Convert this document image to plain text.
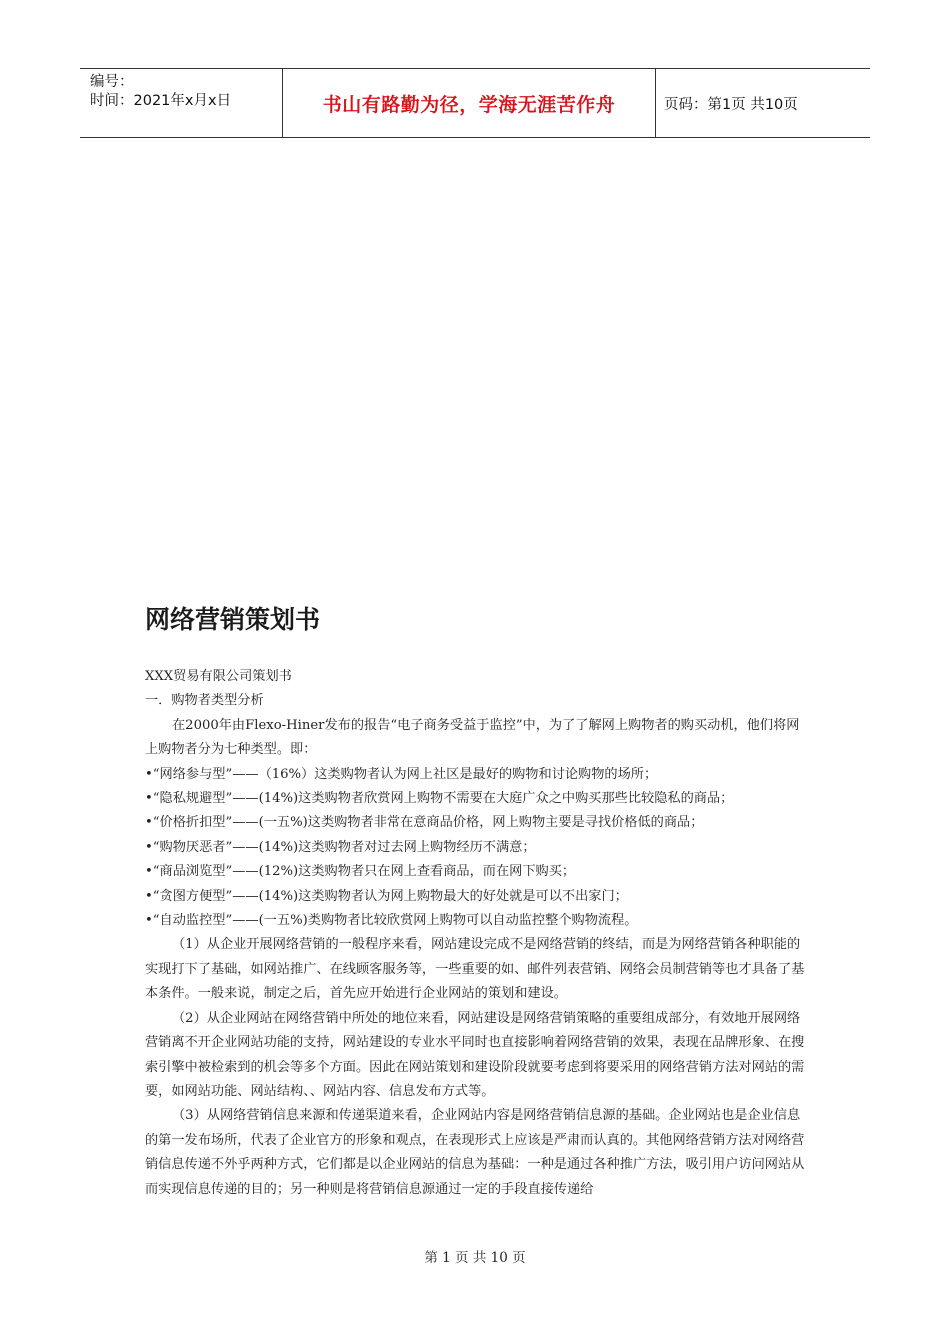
编号：
时间：2021年x月x日	书山有路勤为径，学海无涯苦作舟	页码：第1页 共10页
网络营销策划书

XXX贸易有限公司策划书

一．购物者类型分析

在2000年由Flexo-Hiner发布的报告“电子商务受益于监控”中，为了了解网上购物者的购买动机，他们将网上购物者分为七种类型。即：

•“网络参与型”——（16%）这类购物者认为网上社区是最好的购物和讨论购物的场所；

•“隐私规避型”——(14%)这类购物者欣赏网上购物不需要在大庭广众之中购买那些比较隐私的商品；

•“价格折扣型”——(一五%)这类购物者非常在意商品价格，网上购物主要是寻找价格低的商品；

•“购物厌恶者”——(14%)这类购物者对过去网上购物经历不满意；

•“商品浏览型”——(12%)这类购物者只在网上查看商品，而在网下购买；

•“贪图方便型”——(14%)这类购物者认为网上购物最大的好处就是可以不出家门；

•“自动监控型”——(一五%)类购物者比较欣赏网上购物可以自动监控整个购物流程。

（1）从企业开展网络营销的一般程序来看，网站建设完成不是网络营销的终结，而是为网络营销各种职能的实现打下了基础，如网站推广、在线顾客服务等，一些重要的如、邮件列表营销、网络会员制营销等也才具备了基本条件。一般来说，制定之后，首先应开始进行企业网站的策划和建设。

（2）从企业网站在网络营销中所处的地位来看，网站建设是网络营销策略的重要组成部分，有效地开展网络营销离不开企业网站功能的支持，网站建设的专业水平同时也直接影响着网络营销的效果，表现在品牌形象、在搜索引擎中被检索到的机会等多个方面。因此在网站策划和建设阶段就要考虑到将要采用的网络营销方法对网站的需要，如网站功能、网站结构、、网站内容、信息发布方式等。

（3）从网络营销信息来源和传递渠道来看，企业网站内容是网络营销信息源的基础。企业网站也是企业信息的第一发布场所，代表了企业官方的形象和观点，在表现形式上应该是严肃而认真的。其他网络营销方法对网络营销信息传递不外乎两种方式，它们都是以企业网站的信息为基础：一种是通过各种推广方法，吸引用户访问网站从而实现信息传递的目的；另一种则是将营销信息源通过一定的手段直接传递给

第 1 页 共 10 页
